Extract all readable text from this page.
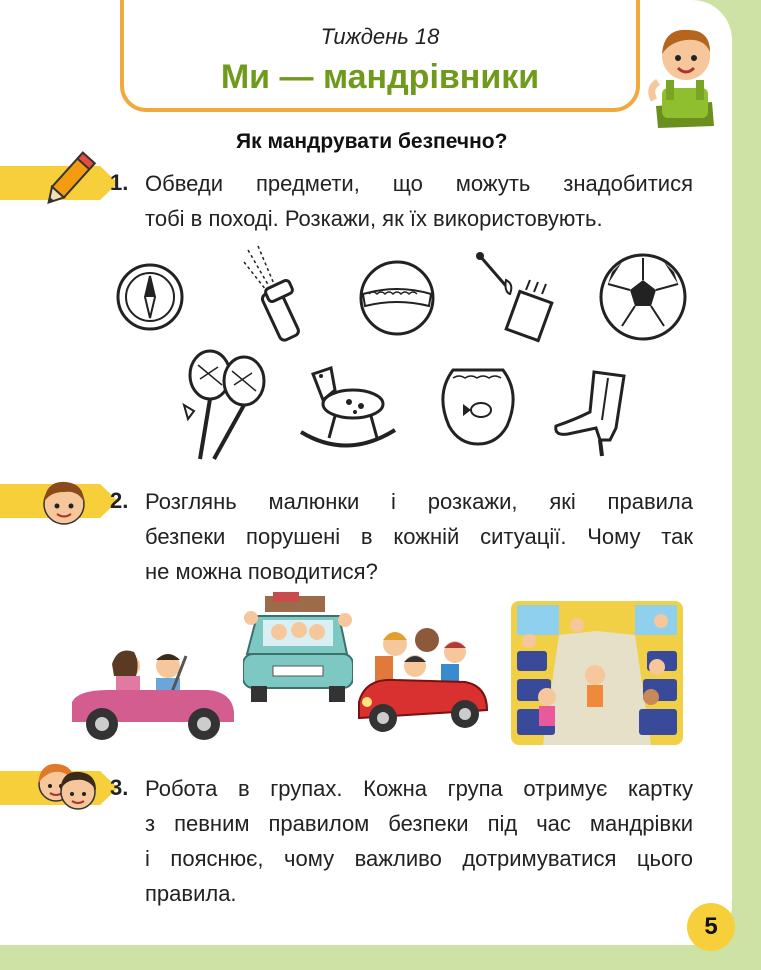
Тиждень 18
Ми — мандрівники
Як мандрувати безпечно?
1. Обведи предмети, що можуть знадобитися
тобі в поході. Розкажи, як їх використовують.
2. Розглянь малюнки і розкажи, які правила
безпеки порушені в кожній ситуації. Чому так
не можна поводитися?
3. Робота в групах. Кожна група отримує картку
з певним правилом безпеки під час мандрівки
і пояснює, чому важливо дотримуватися цього
правила.
5
